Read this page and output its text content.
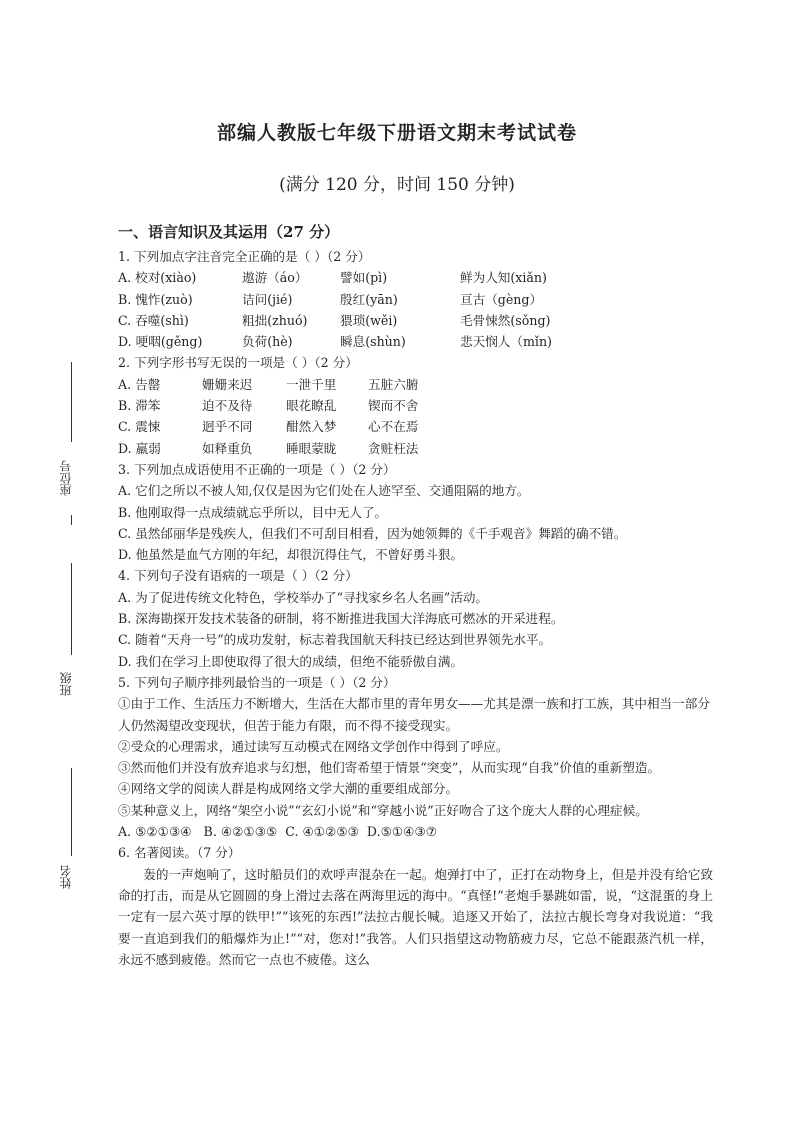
座位号
班级
姓名
部编人教版七年级下册语文期末考试试卷
(满分 120 分，时间 150 分钟)
一、语言知识及其运用（27 分）
1. 下列加点字注音完全正确的是（ ）（2 分）
A. 校对(xiào)	遨游（áo）	譬如(pì)	鲜为人知(xiǎn)
B. 愧怍(zuò)	诘问(jié)	殷红(yān)	亘古（gèng）
C. 吞噬(shì)	粗拙(zhuó)	猥琐(wěi)	毛骨悚然(sǒng)
D. 哽咽(gěng)	负荷(hè)	瞬息(shùn)	悲天悯人（mǐn)
2. 下列字形书写无误的一项是（ ）（2 分）
A. 告罄	姗姗来迟	一泄千里	五脏六腑
B. 滞笨	迫不及待	眼花瞭乱	锲而不舍
C. 震悚	迥乎不同	酣然入梦	心不在焉
D. 羸弱	如释重负	睡眼蒙眬	贪赃枉法
3. 下列加点成语使用不正确的一项是（ ）（2 分）
A. 它们之所以不被人知,仅仅是因为它们处在人迹罕至、交通阻隔的地方。
B. 他刚取得一点成绩就忘乎所以，目中无人了。
C. 虽然邰丽华是残疾人，但我们不可刮目相看，因为她领舞的《千手观音》舞蹈的确不错。
D. 他虽然是血气方刚的年纪，却很沉得住气，不曾好勇斗狠。
4. 下列句子没有语病的一项是（ ）（2 分）
A. 为了促进传统文化特色，学校举办了“寻找家乡名人名画”活动。
B. 深海勘探开发技术装备的研制，将不断推进我国大洋海底可燃冰的开采进程。
C. 随着“天舟一号”的成功发射，标志着我国航天科技已经达到世界领先水平。
D. 我们在学习上即使取得了很大的成绩，但绝不能骄傲自满。
5. 下列句子顺序排列最恰当的一项是（ ）（2 分）
①由于工作、生活压力不断增大，生活在大都市里的青年男女——尤其是漂一族和打工族，其中相当一部分人仍然渴望改变现状，但苦于能力有限，而不得不接受现实。
②受众的心理需求，通过读写互动模式在网络文学创作中得到了呼应。
③然而他们并没有放弃追求与幻想，他们寄希望于情景“突变”，从而实现“自我”价值的重新塑造。
④网络文学的阅读人群是构成网络文学大潮的重要组成部分。
⑤某种意义上，网络“架空小说”“玄幻小说”和“穿越小说”正好吻合了这个庞大人群的心理症候。
A. ⑤②①③④   B. ④②①③⑤  C. ④①②⑤③  D.⑤①④③⑦
6. 名著阅读。（7 分）
轰的一声炮响了，这时船员们的欢呼声混杂在一起。炮弹打中了，正打在动物身上，但是并没有给它致命的打击，而是从它圆圆的身上滑过去落在两海里远的海中。“真怪!”老炮手暴跳如雷，说，“这混蛋的身上一定有一层六英寸厚的铁甲!”“该死的东西!”法拉古舰长喊。追逐又开始了，法拉古舰长弯身对我说道：“我要一直追到我们的船爆炸为止!”“对，您对!”我答。人们只指望这动物筋疲力尽，它总不能跟蒸汽机一样，永远不感到疲倦。然而它一点也不疲倦。这么
